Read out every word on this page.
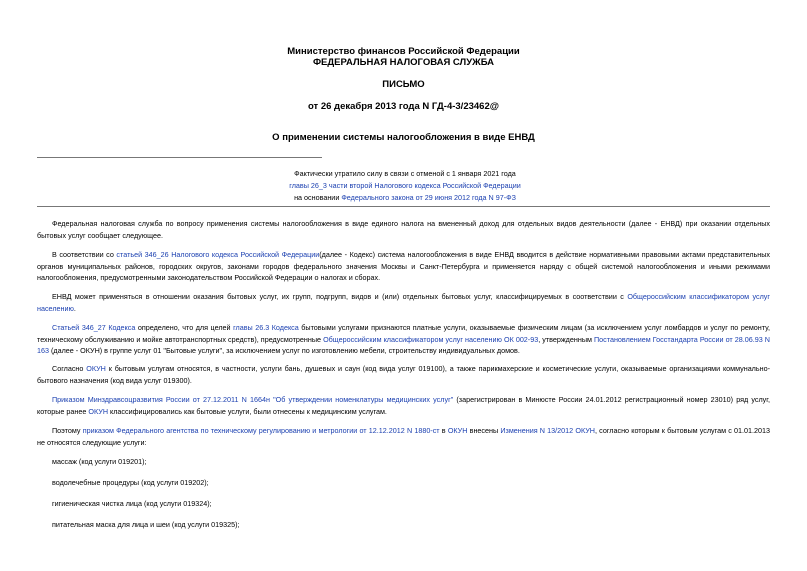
Министерство финансов Российской Федерации
ФЕДЕРАЛЬНАЯ НАЛОГОВАЯ СЛУЖБА
ПИСЬМО
от 26 декабря 2013 года N ГД-4-3/23462@
О применении системы налогообложения в виде ЕНВД
Фактически утратило силу в связи с отменой с 1 января 2021 года
главы 26_3 части второй Налогового кодекса Российской Федерации
на основании Федерального закона от 29 июня 2012 года N 97-ФЗ
Федеральная налоговая служба по вопросу применения системы налогообложения в виде единого налога на вмененный доход для отдельных видов деятельности (далее - ЕНВД) при оказании отдельных бытовых услуг сообщает следующее.
В соответствии со статьей 346_26 Налогового кодекса Российской Федерации(далее - Кодекс) система налогообложения в виде ЕНВД вводится в действие нормативными правовыми актами представительных органов муниципальных районов, городских округов, законами городов федерального значения Москвы и Санкт-Петербурга и применяется наряду с общей системой налогообложения и иными режимами налогообложения, предусмотренными законодательством Российской Федерации о налогах и сборах.
ЕНВД может применяться в отношении оказания бытовых услуг, их групп, подгрупп, видов и (или) отдельных бытовых услуг, классифицируемых в соответствии с Общероссийским классификатором услуг населению.
Статьей 346_27 Кодекса определено, что для целей главы 26.3 Кодекса бытовыми услугами признаются платные услуги, оказываемые физическим лицам (за исключением услуг ломбардов и услуг по ремонту, техническому обслуживанию и мойке автотранспортных средств), предусмотренные Общероссийским классификатором услуг населению ОК 002-93, утвержденным Постановлением Госстандарта России от 28.06.93 N 163 (далее - ОКУН) в группе услуг 01 "Бытовые услуги", за исключением услуг по изготовлению мебели, строительству индивидуальных домов.
Согласно ОКУН к бытовым услугам относятся, в частности, услуги бань, душевых и саун (код вида услуг 019100), а также парикмахерские и косметические услуги, оказываемые организациями коммунально-бытового назначения (код вида услуг 019300).
Приказом Минздравсоцразвития России от 27.12.2011 N 1664н "Об утверждении номенклатуры медицинских услуг" (зарегистрирован в Минюсте России 24.01.2012 регистрационный номер 23010) ряд услуг, которые ранее ОКУН классифицировались как бытовые услуги, были отнесены к медицинским услугам.
Поэтому приказом Федерального агентства по техническому регулированию и метрологии от 12.12.2012 N 1880-ст в ОКУН внесены Изменения N 13/2012 ОКУН, согласно которым к бытовым услугам с 01.01.2013 не относятся следующие услуги:
массаж (код услуги 019201);
водолечебные процедуры (код услуги 019202);
гигиеническая чистка лица (код услуги 019324);
питательная маска для лица и шеи (код услуги 019325);
